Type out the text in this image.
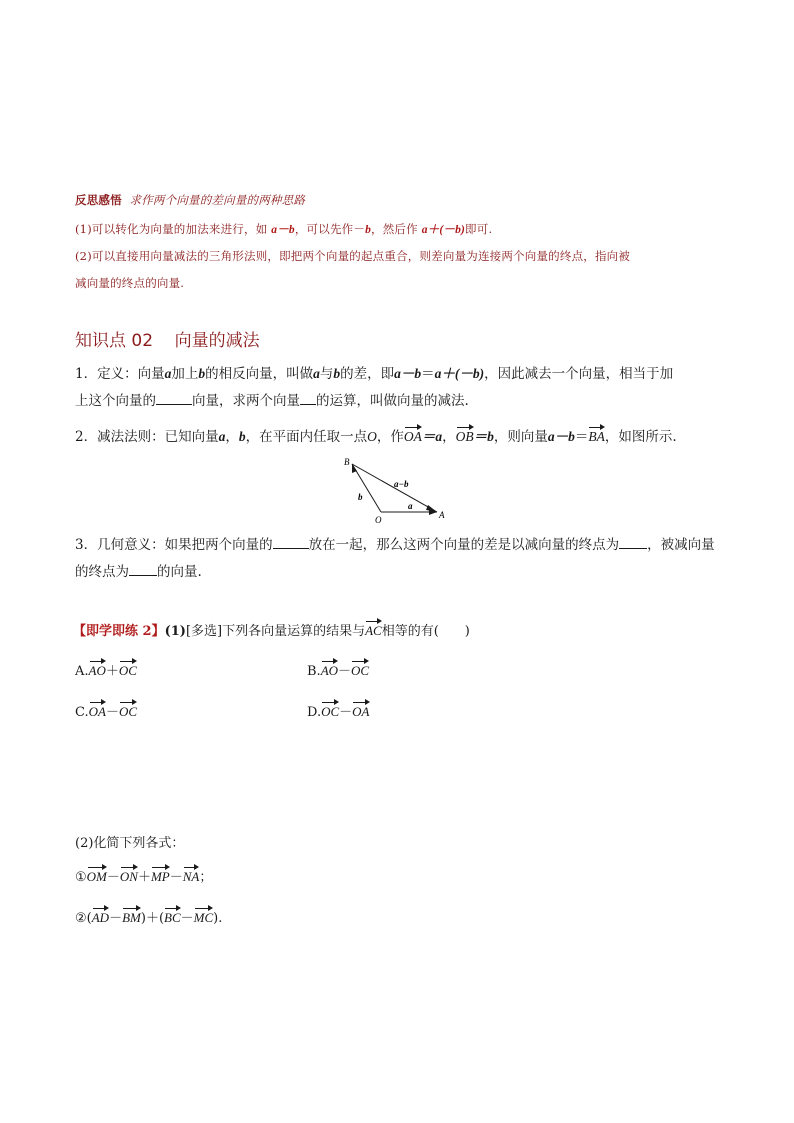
反思感悟 求作两个向量的差向量的两种思路
(1)可以转化为向量的加法来进行，如 a－b，可以先作－b，然后作 a＋(－b)即可.
(2)可以直接用向量减法的三角形法则，即把两个向量的起点重合，则差向量为连接两个向量的终点，指向被
减向量的终点的向量.
知识点 02 向量的减法
1．定义：向量a加上b的相反向量，叫做a与b的差，即a－b＝a＋(－b)，因此减去一个向量，相当于加
上这个向量的	向量，求两个向量 的运算，叫做向量的减法.
2．减法法则：已知向量a，b，在平面内任取一点O，作OA＝a，OB＝b，则向量a－b＝BA，如图所示.
B
O	A
a−b
b
a
3．几何意义：如果把两个向量的	放在一起，那么这两个向量的差是以减向量的终点为 ，被减向量
的终点为 的向量.
【即学即练 2】(1)[多选]下列各向量运算的结果与AC相等的有(　　)
A.AO＋OC	B.AO－OC
C.OA－OC	D.OC－OA
(2)化简下列各式：
①OM－ON＋MP－NA；
②(AD－BM)＋(BC－MC).
